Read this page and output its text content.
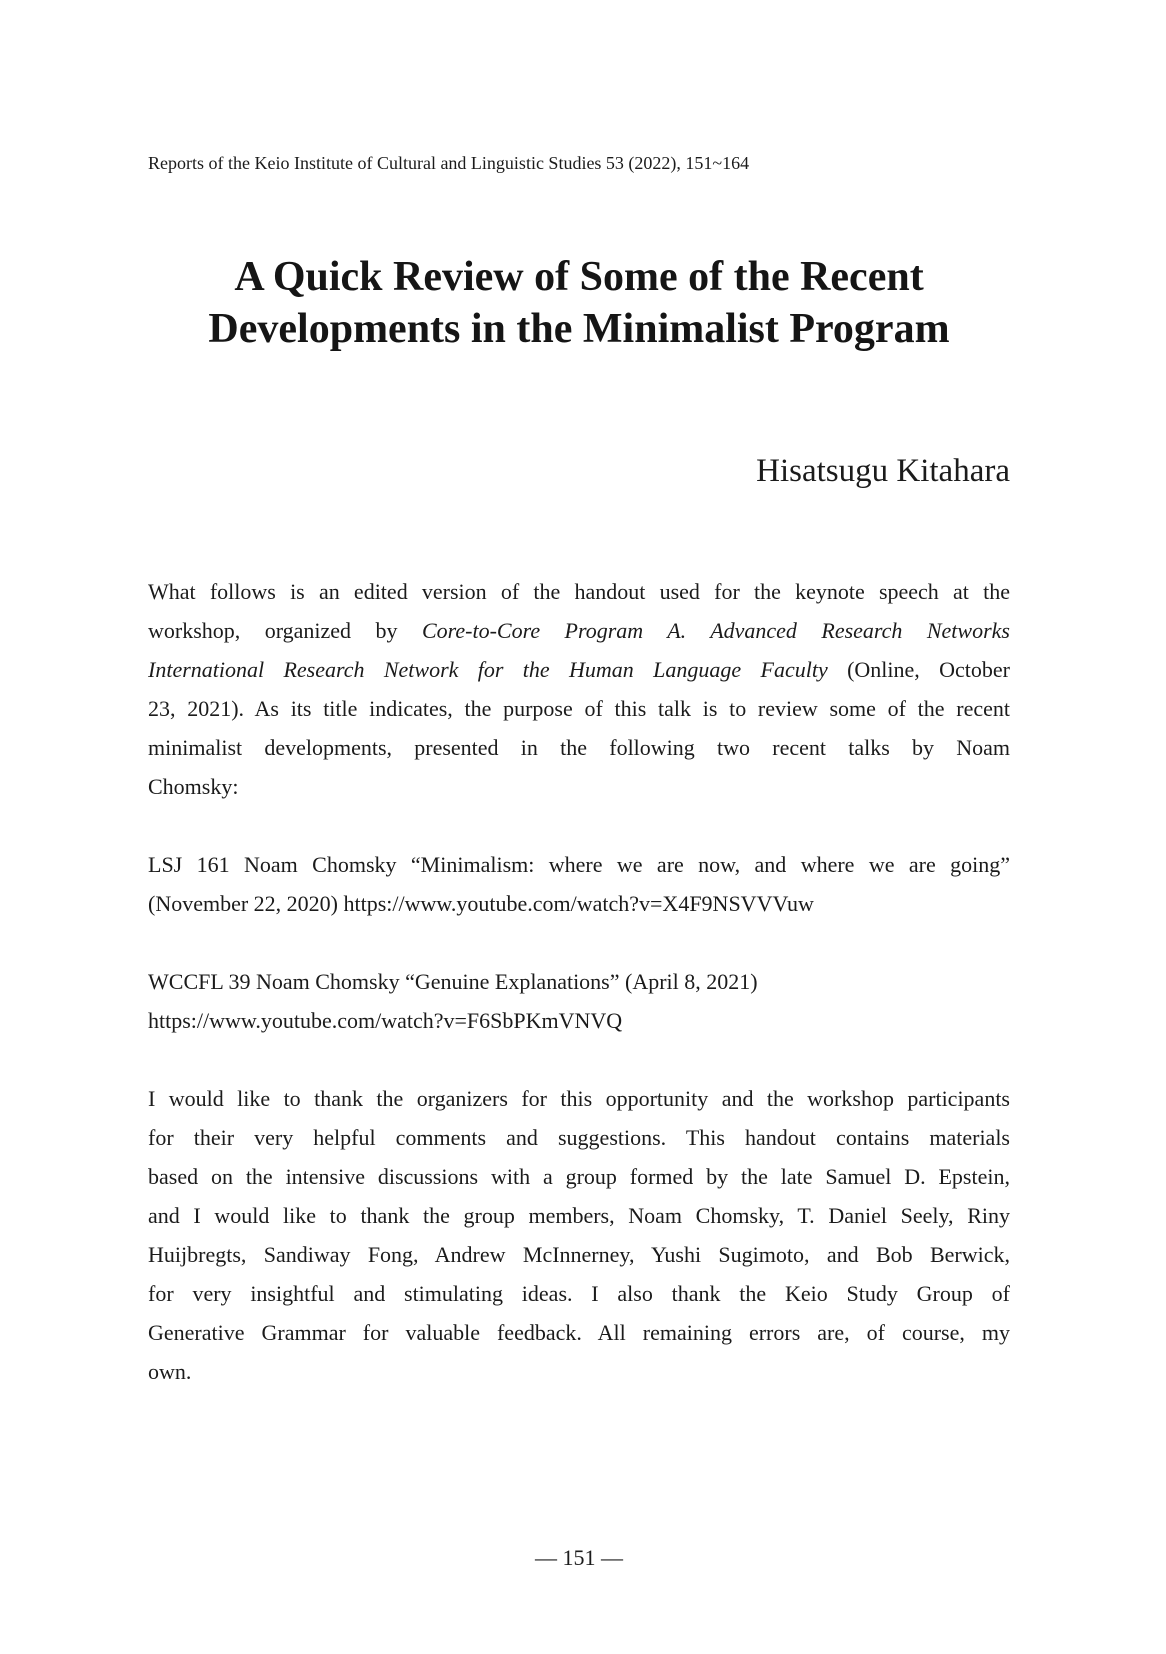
Reports of the Keio Institute of Cultural and Linguistic Studies 53 (2022), 151~164
A Quick Review of Some of the Recent
Developments in the Minimalist Program
Hisatsugu Kitahara
What follows is an edited version of the handout used for the keynote speech at the
workshop, organized by Core-to-Core Program A. Advanced Research Networks
International Research Network for the Human Language Faculty (Online, October
23, 2021). As its title indicates, the purpose of this talk is to review some of the recent
minimalist developments, presented in the following two recent talks by Noam
Chomsky:
LSJ 161 Noam Chomsky “Minimalism: where we are now, and where we are going”
(November 22, 2020) https://www.youtube.com/watch?v=X4F9NSVVVuw
WCCFL 39 Noam Chomsky “Genuine Explanations” (April 8, 2021)
https://www.youtube.com/watch?v=F6SbPKmVNVQ
I would like to thank the organizers for this opportunity and the workshop participants
for their very helpful comments and suggestions. This handout contains materials
based on the intensive discussions with a group formed by the late Samuel D. Epstein,
and I would like to thank the group members, Noam Chomsky, T. Daniel Seely, Riny
Huijbregts, Sandiway Fong, Andrew McInnerney, Yushi Sugimoto, and Bob Berwick,
for very insightful and stimulating ideas. I also thank the Keio Study Group of
Generative Grammar for valuable feedback. All remaining errors are, of course, my
own.
— 151 —
